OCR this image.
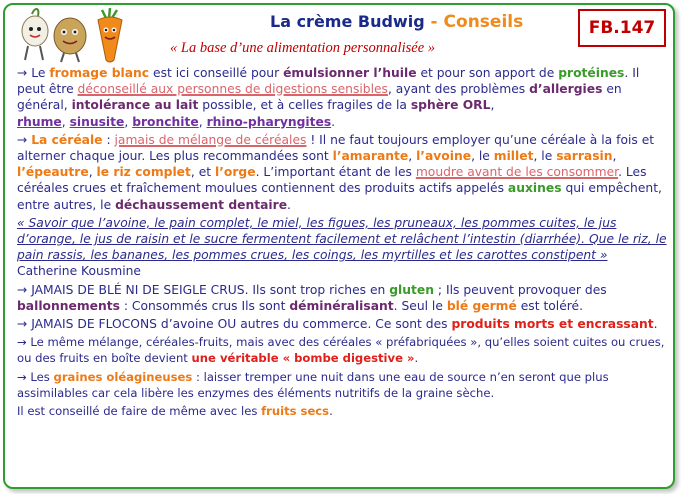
La crème Budwig - Conseils
« La base d’une alimentation personnalisée »
FB.147

→ Le fromage blanc est ici conseillé pour émulsionner l’huile et pour son apport de protéines. Il peut être déconseillé aux personnes de digestions sensibles, ayant des problèmes d’allergies en général, intolérance au lait possible, et à celles fragiles de la sphère ORL,
rhume, sinusite, bronchite, rhino-pharyngites.

→ La céréale : jamais de mélange de céréales ! Il ne faut toujours employer qu’une céréale à la fois et alterner chaque jour. Les plus recommandées sont l’amarante, l’avoine, le millet, le sarrasin, l’épeautre, le riz complet, et l’orge. L’important étant de les moudre avant de les consommer. Les céréales crues et fraîchement moulues contiennent des produits actifs appelés auxines qui empêchent, entre autres, le déchaussement dentaire.

« Savoir que l’avoine, le pain complet, le miel, les figues, les pruneaux, les pommes cuites, le jus d’orange, le jus de raisin et le sucre fermentent facilement et relâchent l’intestin (diarrhée). Que le riz, le pain rassis, les bananes, les pommes crues, les coings, les myrtilles et les carottes constipent » Catherine Kousmine

→ JAMAIS DE BLÉ NI DE SEIGLE CRUS. Ils sont trop riches en gluten ; Ils peuvent provoquer des ballonnements : Consommés crus Ils sont déminéralisant. Seul le blé germé est toléré.

→ JAMAIS DE FLOCONS d’avoine OU autres du commerce. Ce sont des produits morts et encrassant.

→ Le même mélange, céréales-fruits, mais avec des céréales « préfabriquées », qu’elles soient cuites ou crues, ou des fruits en boîte devient une véritable « bombe digestive ».

→ Les graines oléagineuses : laisser tremper une nuit dans une eau de source n’en seront que plus assimilables car cela libère les enzymes des éléments nutritifs de la graine sèche.

Il est conseillé de faire de même avec les fruits secs.
